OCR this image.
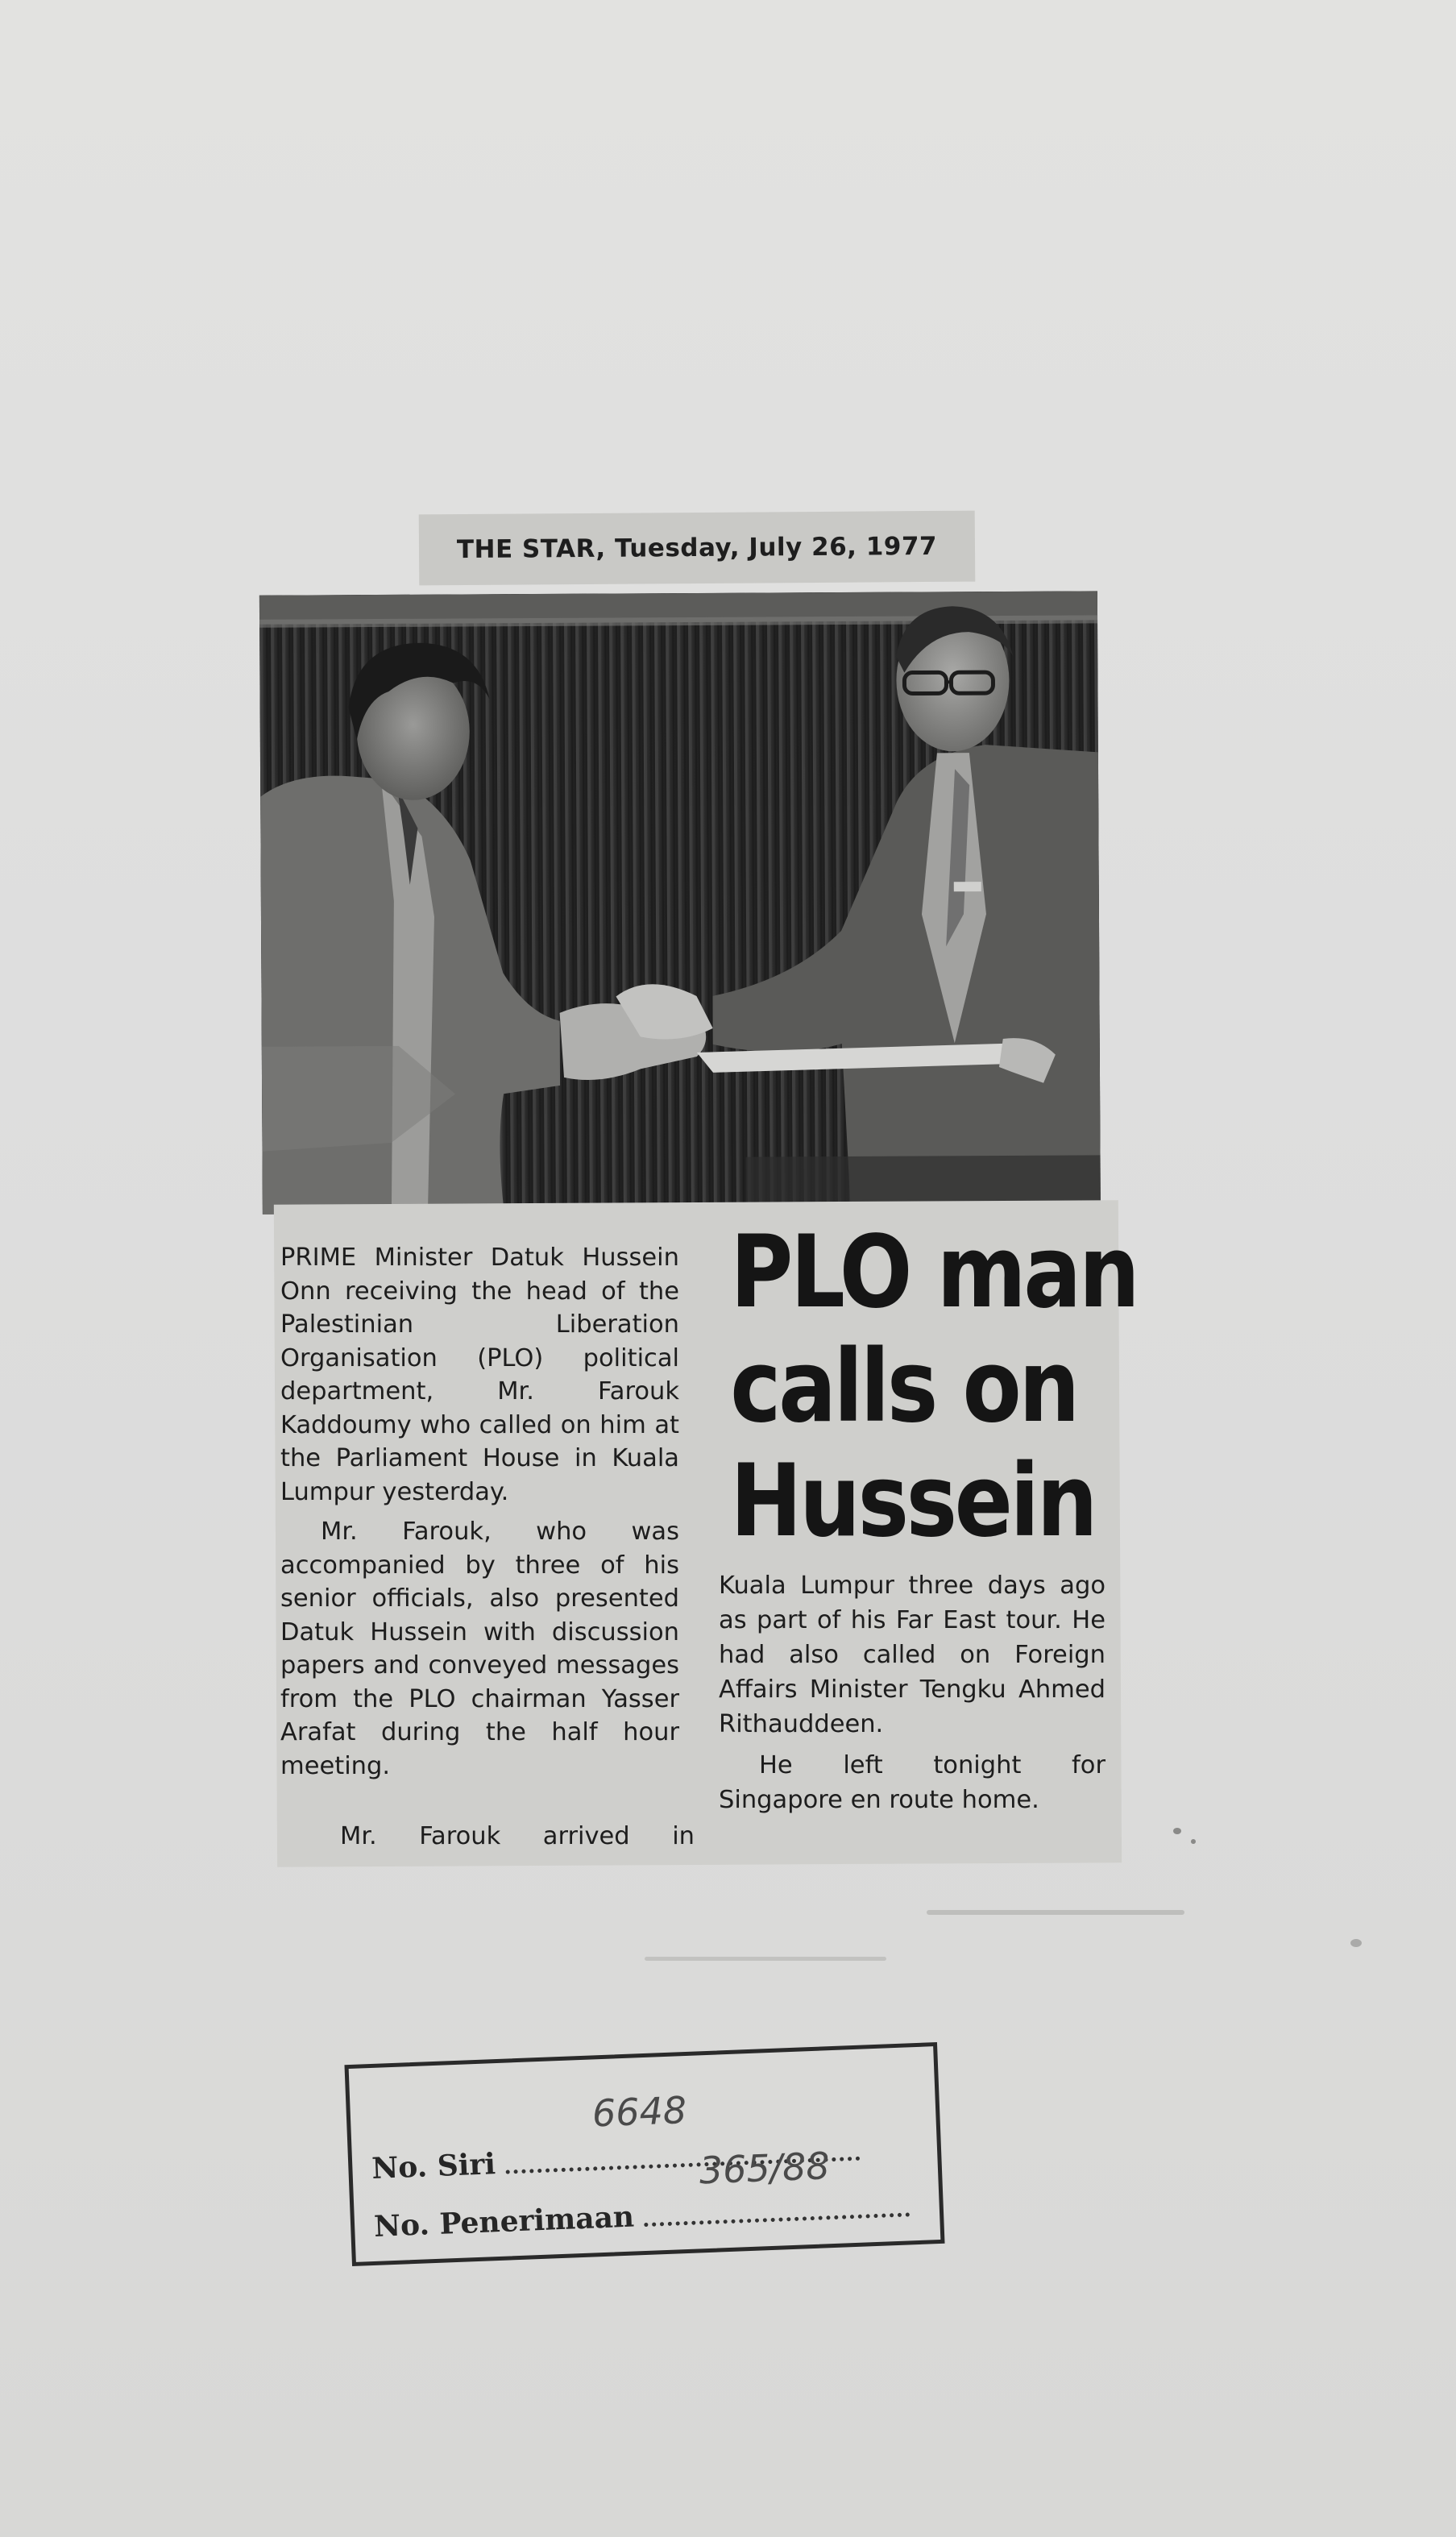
THE STAR, Tuesday, July 26, 1977

PRIME Minister Datuk Hussein Onn receiving the head of the Palestinian Liberation Organisation (PLO) political department, Mr. Farouk Kaddoumy who called on him at the Parliament House in Kuala Lumpur yesterday.

Mr. Farouk, who was accompanied by three of his senior officials, also presented Datuk Hussein with discussion papers and conveyed messages from the PLO chairman Yasser Arafat during the half hour meeting.

PLO man
calls on
Hussein

Kuala Lumpur three days ago as part of his Far East tour. He had also called on Foreign Affairs Minister Tengku Ahmed Rithauddeen.

He left tonight for Singapore en route home.

Mr. Farouk arrived in
No. Siri
6648
No. Penerimaan
365/88
